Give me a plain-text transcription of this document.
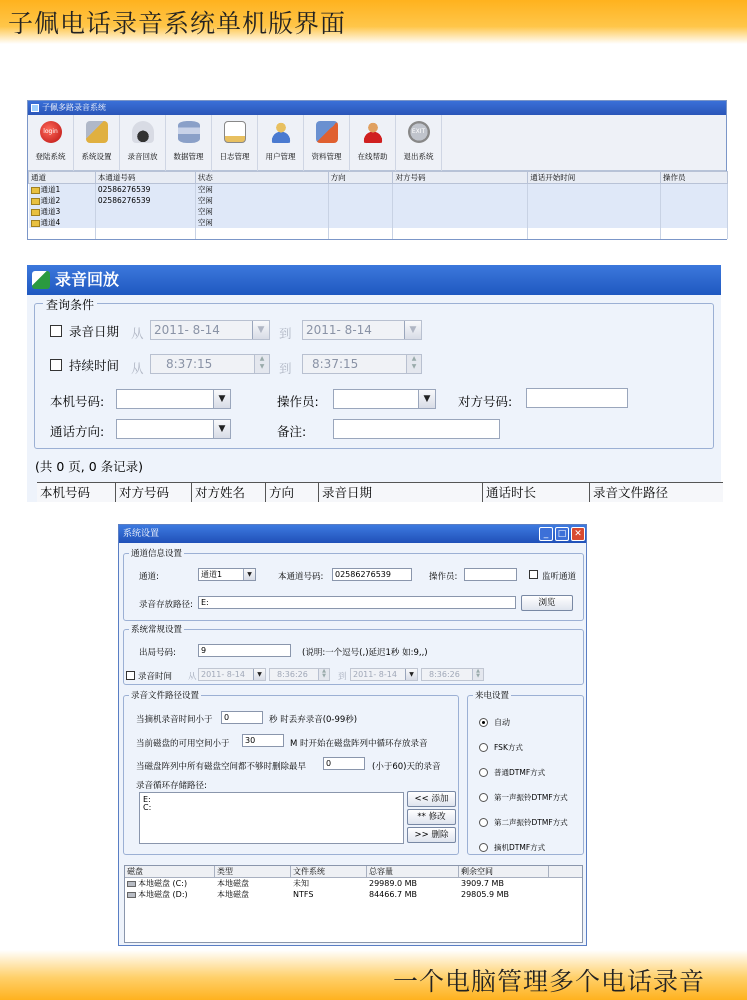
子佩电话录音系统单机版界面
子佩多路录音系统
login
登陆系统 系统设置 录音回放 数据管理 日志管理 用户管理 资料管理 在线帮助
EXIT
退出系统
通道	本通道号码	状态	方向	对方号码	通话开始时间	操作员
通道1	02586276539	空闲				
通道2	02586276539	空闲				
通道3		空闲				
通道4		空闲				

录音回放
查询条件
录音日期 从 2011- 8-14	▼	到	2011- 8-14	▼
持续时间 从	8:37:15	▲
▼	到	8:37:15	▲
▼
本机号码:	▼	操作员:	▼	对方号码:
通话方向:	▼	备注:
(共 0 页, 0 条记录)
本机号码	对方号码	对方姓名	方向	录音日期	通话时长	录音文件路径
系统设置	_	□ ✕
通道信息设置
通道:	通道1	▼	本通道号码:	02586276539	操作员:	监听通道
录音存放路径:	E:	浏览
系统常规设置
出局号码:	9	(说明:一个逗号(,)延迟1秒 如:9,,)
录音时间 从 2011- 8-14	▼	8:36:26	▲
▼	到 2011- 8-14	▼	8:36:26	▲
▼
录音文件路径设置
当摘机录音时间小于	0	秒 时丢弃录音(0-99秒)
当前磁盘的可用空间小于	30	M 时开始在磁盘阵列中循环存放录音
当磁盘阵列中所有磁盘空间都不够时删除最早	0	(小于60)天的录音
录音循环存储路径:
E:
C:
<< 添加
** 修改
>> 删除
来电设置
自动
FSK方式
普通DTMF方式
第一声振铃DTMF方式
第二声振铃DTMF方式
摘机DTMF方式
磁盘	类型	文件系统	总容量	剩余空间
本地磁盘 (C:)	本地磁盘	未知	29989.0 MB	3909.7 MB
本地磁盘 (D:)	本地磁盘	NTFS	84466.7 MB	29805.9 MB
一个电脑管理多个电话录音
